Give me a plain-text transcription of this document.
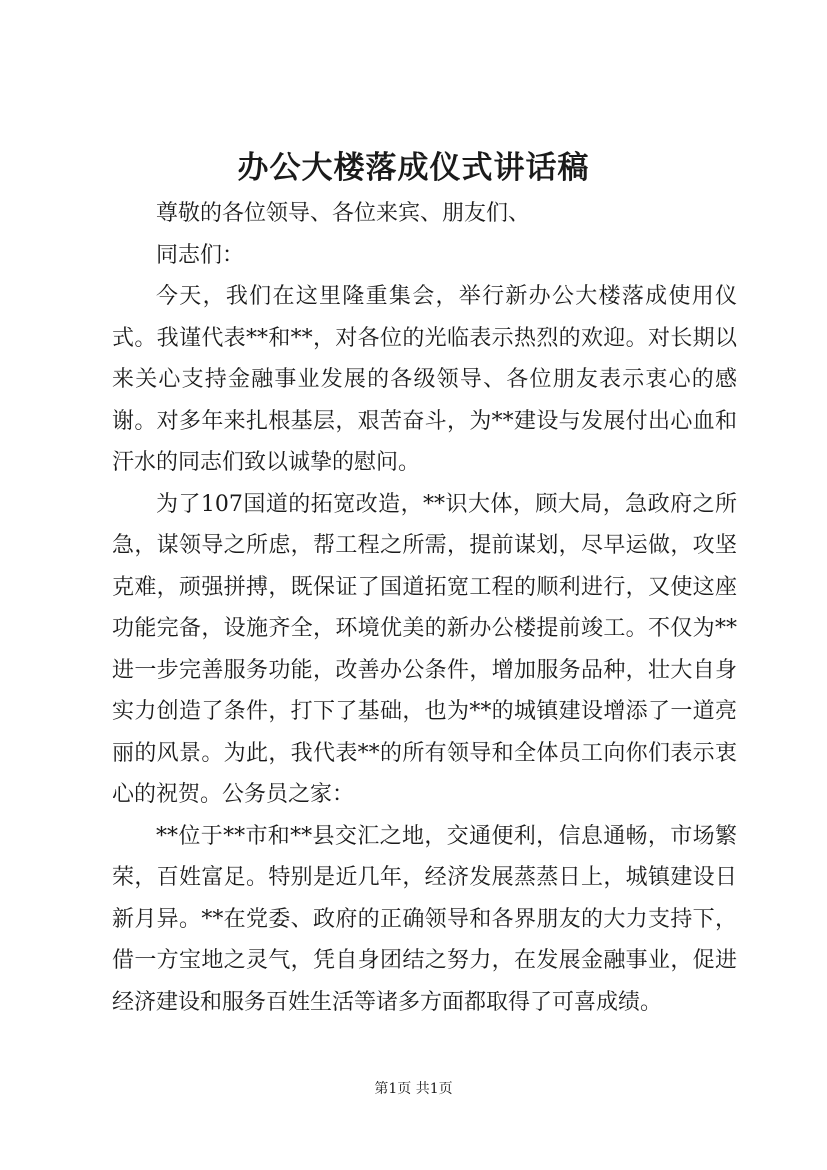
办公大楼落成仪式讲话稿

尊敬的各位领导、各位来宾、朋友们、

同志们：

今天，我们在这里隆重集会，举行新办公大楼落成使用仪式。我谨代表**和**，对各位的光临表示热烈的欢迎。对长期以来关心支持金融事业发展的各级领导、各位朋友表示衷心的感谢。对多年来扎根基层，艰苦奋斗，为**建设与发展付出心血和汗水的同志们致以诚挚的慰问。

为了107国道的拓宽改造，**识大体，顾大局，急政府之所急，谋领导之所虑，帮工程之所需，提前谋划，尽早运做，攻坚克难，顽强拼搏，既保证了国道拓宽工程的顺利进行，又使这座功能完备，设施齐全，环境优美的新办公楼提前竣工。不仅为**进一步完善服务功能，改善办公条件，增加服务品种，壮大自身实力创造了条件，打下了基础，也为**的城镇建设增添了一道亮丽的风景。为此，我代表**的所有领导和全体员工向你们表示衷心的祝贺。公务员之家：

**位于**市和**县交汇之地，交通便利，信息通畅，市场繁荣，百姓富足。特别是近几年，经济发展蒸蒸日上，城镇建设日新月异。**在党委、政府的正确领导和各界朋友的大力支持下，借一方宝地之灵气，凭自身团结之努力，在发展金融事业，促进经济建设和服务百姓生活等诸多方面都取得了可喜成绩。

第1页 共1页
